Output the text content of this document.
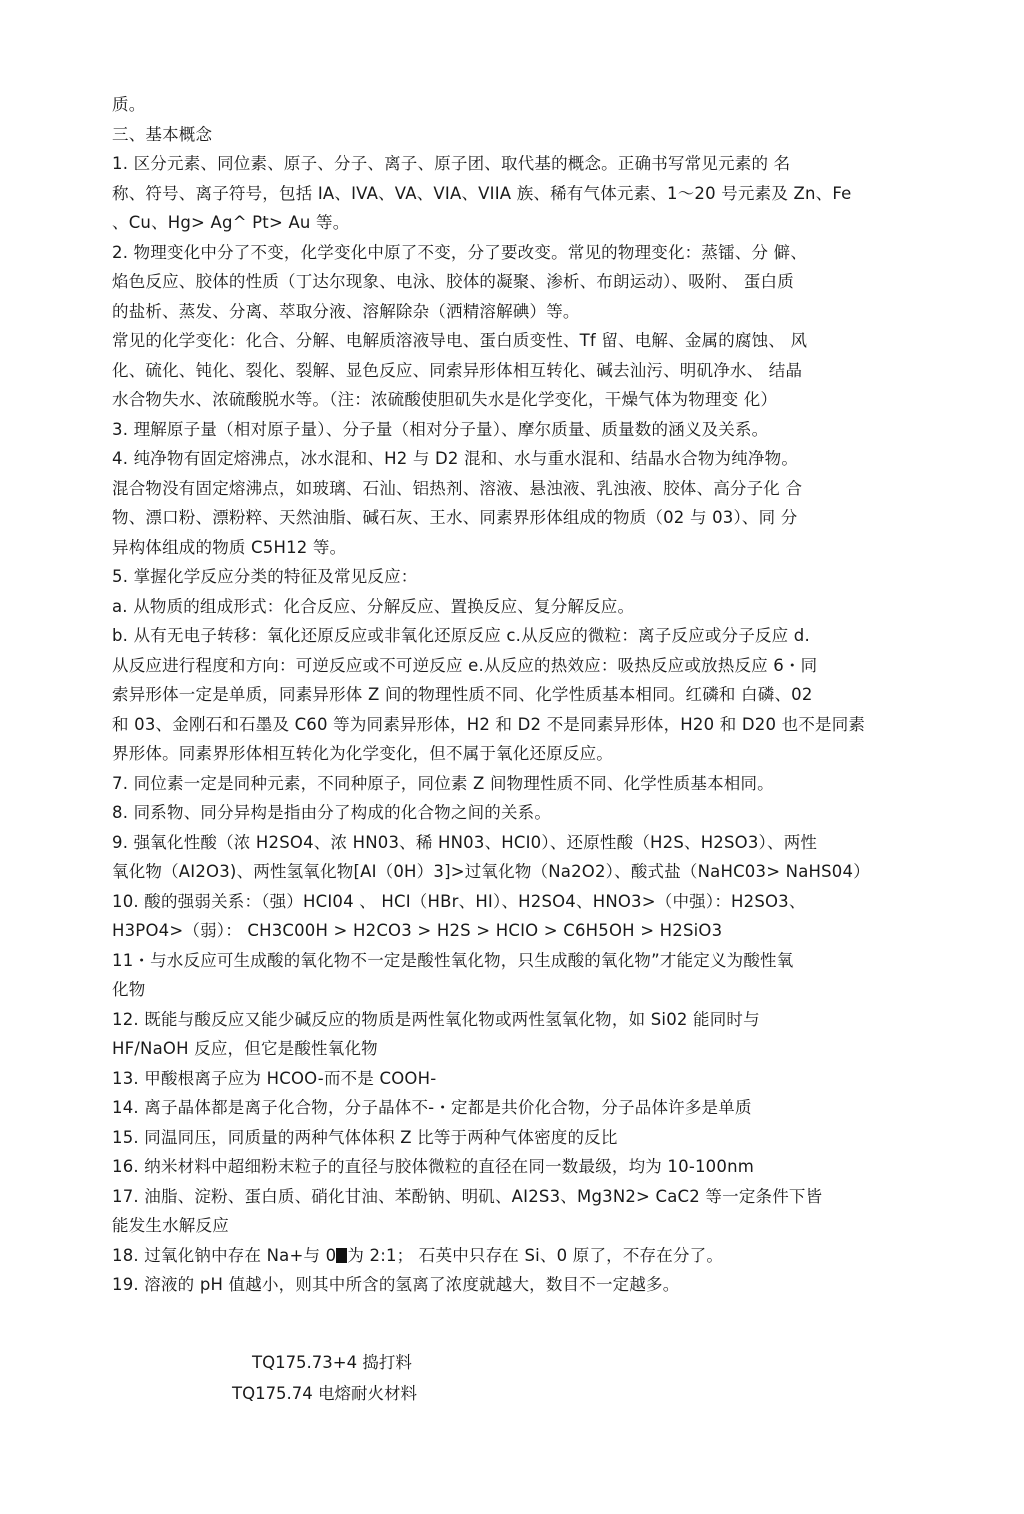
质。
三、基本概念
1. 区分元素、同位素、原子、分子、离子、原子团、取代基的概念。正确书写常见元素的 名
称、符号、离子符号，包括 IA、IVA、VA、VIA、VIIA 族、稀有气体元素、1～20 号元素及 Zn、Fe
、Cu、Hg> Ag^ Pt> Au 等。
2. 物理变化中分了不变，化学变化中原了不变，分了要改变。常见的物理变化：蒸镭、分 僻、
焰色反应、胶体的性质（丁达尔现象、电泳、胶体的凝聚、渗析、布朗运动）、吸附、 蛋白质
的盐析、蒸发、分离、萃取分液、溶解除杂（洒精溶解碘）等。
常见的化学变化：化合、分解、电解质溶液导电、蛋白质变性、Tf 留、电解、金属的腐蚀、 风
化、硫化、钝化、裂化、裂解、显色反应、同索异形体相互转化、碱去汕污、明矶净水、 结晶
水合物失水、浓硫酸脱水等。（注：浓硫酸使胆矶失水是化学变化，干燥气体为物理变 化）
3. 理解原子量（相对原子量）、分子量（相对分子量）、摩尔质量、质量数的涵义及关系。
4. 纯净物有固定熔沸点，冰水混和、H2 与 D2 混和、水与重水混和、结晶水合物为纯净物。
混合物没有固定熔沸点，如玻璃、石汕、铝热剂、溶液、悬浊液、乳浊液、胶体、高分子化 合
物、漂口粉、漂粉粹、天然油脂、碱石灰、王水、同素界形体组成的物质（02 与 03）、同 分
异构体组成的物质 C5H12 等。
5. 掌握化学反应分类的特征及常见反应：
a. 从物质的组成形式：化合反应、分解反应、置换反应、复分解反应。
b. 从有无电子转移：氧化还原反应或非氧化还原反应 c.从反应的微粒：离子反应或分子反应 d.
从反应进行程度和方向：可逆反应或不可逆反应 e.从反应的热效应：吸热反应或放热反应 6・同
索异形体一定是单质，同素异形体 Z 间的物理性质不同、化学性质基本相同。红磷和 白磷、02
和 03、金刚石和石墨及 C60 等为同素异形体，H2 和 D2 不是同素异形体，H20 和 D20 也不是同素
界形体。同素界形体相互转化为化学变化，但不属于氧化还原反应。
7. 同位素一定是同种元素，不同种原子，同位素 Z 间物理性质不同、化学性质基本相同。
8. 同系物、同分异构是指由分了构成的化合物之间的关系。
9. 强氧化性酸（浓 H2SO4、浓 HN03、稀 HN03、HCI0）、还原性酸（H2S、H2SO3）、两性
氧化物（AI2O3)、两性氢氧化物[AI（0H）3]>过氧化物（Na2O2）、酸式盐（NaHC03> NaHS04）
10. 酸的强弱关系：（强）HCI04 、 HCI（HBr、HI）、H2SO4、HNO3>（中强）：H2SO3、
H3PO4>（弱）： CH3C00H > H2CO3 > H2S > HCIO > C6H5OH > H2SiO3
11・与水反应可生成酸的氧化物不一定是酸性氧化物，只生成酸的氧化物”才能定义为酸性氧
化物
12. 既能与酸反应又能少碱反应的物质是两性氧化物或两性氢氧化物，如 Si02 能同时与
HF/NaOH 反应，但它是酸性氧化物
13. 甲酸根离子应为 HCOO-而不是 COOH-
14. 离子晶体都是离子化合物，分子晶体不-・定都是共价化合物，分子品体许多是单质
15. 同温同压，同质量的两种气体体积 Z 比等于两种气体密度的反比
16. 纳米材料中超细粉末粒子的直径与胶体微粒的直径在同一数最级，均为 10-100nm
17. 油脂、淀粉、蛋白质、硝化甘油、苯酚钠、明矶、AI2S3、Mg3N2> CaC2 等一定条件下皆
能发生水解反应
18. 过氧化钠中存在 Na+与 0 为 2:1； 石英中只存在 Si、0 原了，不存在分了。
19. 溶液的 pH 值越小，则其中所含的氢离了浓度就越大，数目不一定越多。
TQ175.73+4 捣打料
TQ175.74 电熔耐火材料
